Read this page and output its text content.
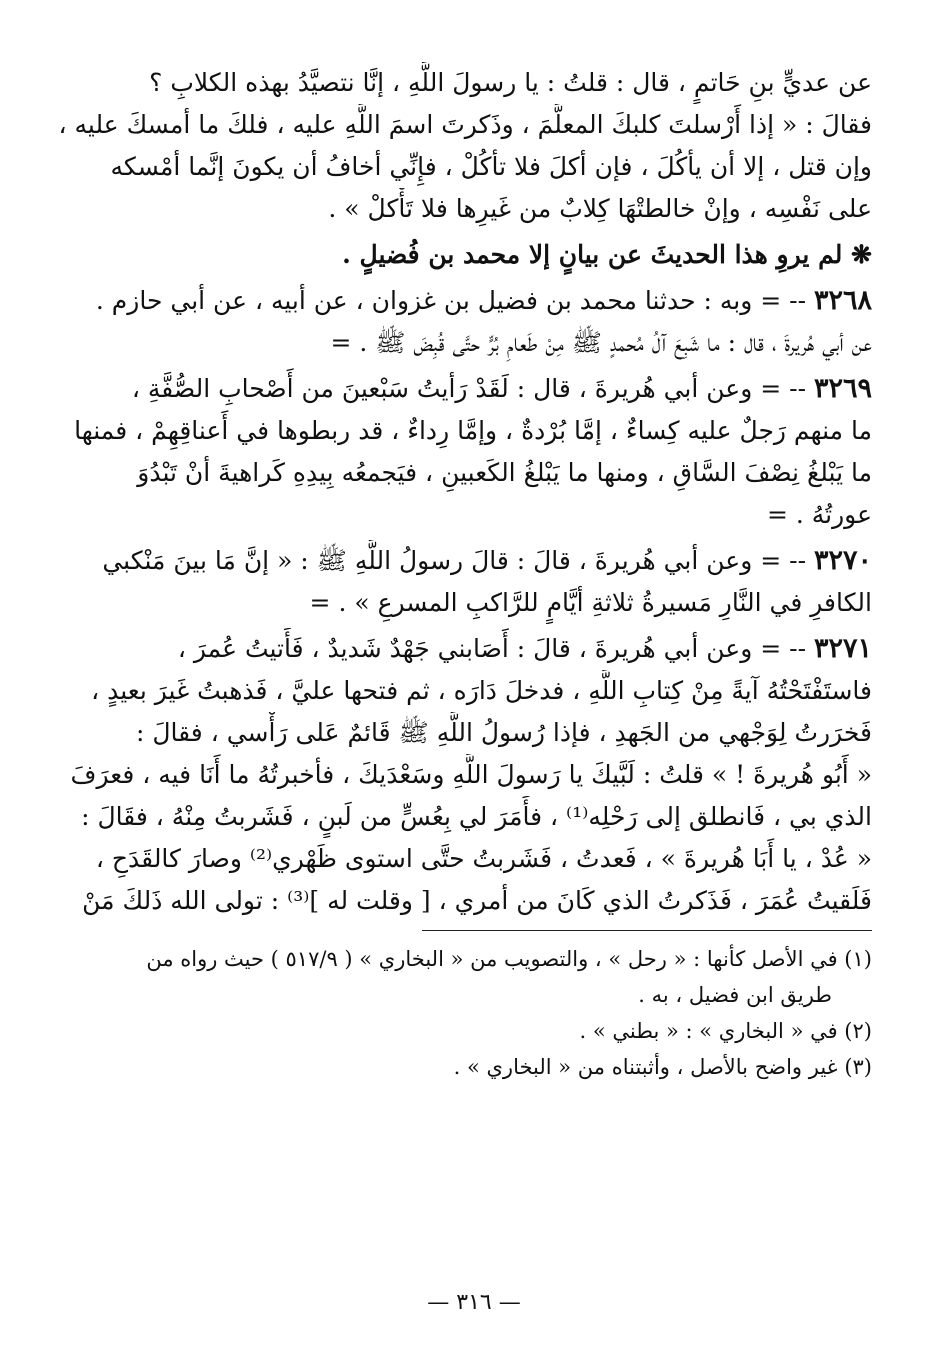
عن عديٍّ بنِ حَاتمٍ ، قال : قلتُ : يا رسولَ اللَّهِ ، إنَّا نتصيَّدُ بهذه الكلابِ ؟
فقالَ : « إذا أَرْسلتَ كلبكَ المعلَّمَ ، وذَكرتَ اسمَ اللَّهِ عليه ، فلكَ ما أمسكَ عليه ،
وإن قتل ، إلا أن يأكُلَ ، فإن أكلَ فلا تأكُلْ ، فإِنِّي أخافُ أن يكونَ إنَّما أمْسكه
على نَفْسِه ، وإنْ خالطتْهَا كِلابٌ من غَيرِها فلا تَأْكلْ » .
❋ لم يروِ هذا الحديثَ عن بيانٍ إلا محمد بن فُضيلٍ .
٣٢٦٨ -- = وبه : حدثنا محمد بن فضيل بن غزوان ، عن أبيه ، عن أبي حازم .
عن أبي هُريرةَ ، قال : ما شَبِعَ آلُ مُحمدٍ ﷺ مِنْ طَعامِ بُرٍّ حتَّى قُبِضَ ﷺ . =
٣٢٦٩ -- = وعن أبي هُريرةَ ، قال : لَقَدْ رَأيتُ سَبْعينَ من أَصْحابِ الصُّفَّةِ ،
ما منهم رَجلٌ عليه كِساءٌ ، إمَّا بُرْدةٌ ، وإمَّا رِداءٌ ، قد ربطوها في أَعناقِهِمْ ، فمنها
ما يَبْلغُ نِصْفَ السَّاقِ ، ومنها ما يَبْلغُ الكَعبينِ ، فيَجمعُه بِيدِهِ كَراهيةَ أنْ تَبْدُوَ
عورتُهُ . =
٣٢٧٠ -- = وعن أبي هُريرةَ ، قالَ : قالَ رسولُ اللَّهِ ﷺ : « إنَّ مَا بينَ مَنْكبي
الكافرِ في النَّارِ مَسيرةُ ثلاثةِ أيَّامٍ للرَّاكبِ المسرعِ » . =
٣٢٧١ -- = وعن أبي هُريرةَ ، قالَ : أَصَابني جَهْدٌ شَديدٌ ، فَأَتيتُ عُمرَ ،
فاستَفْتَحْتُهُ آيةً مِنْ كِتابِ اللَّهِ ، فدخلَ دَارَه ، ثم فتحها عليَّ ، فَذهبتُ غَيرَ بعيدٍ ،
فَخرَرتُ لِوَجْهي من الجَهدِ ، فإذا رُسولُ اللَّهِ ﷺ قَائمٌ عَلى رَأْسي ، فقالَ :
« أَبُو هُريرةَ ! » قلتُ : لَبَّيكَ يا رَسولَ اللَّهِ وسَعْدَيكَ ، فأخبرتُهُ ما أَنَا فيه ، فعرَفَ
الذي بي ، فَانطلق إلى رَحْلِه⁽¹⁾ ، فأَمَرَ لي بِعُسٍّ من لَبنٍ ، فَشَربتُ مِنْهُ ، فقَالَ :
« عُدْ ، يا أَبَا هُريرةَ » ، فَعدتُ ، فَشَربتُ حتَّى استوى ظَهْري⁽²⁾ وصارَ كالقَدَحِ ،
فَلَقيتُ عُمَرَ ، فَذَكرتُ الذي كَانَ من أمري ، [ وقلت له ]⁽³⁾ : تولى الله ذَلكَ مَنْ
(١) في الأصل كأنها : « رحل » ، والتصويب من « البخاري » ( ٥١٧/٩ ) حيث رواه من
طريق ابن فضيل ، به .
(٢) في « البخاري » : « بطني » .
(٣) غير واضح بالأصل ، وأثبتناه من « البخاري » .
— ٣١٦ —
